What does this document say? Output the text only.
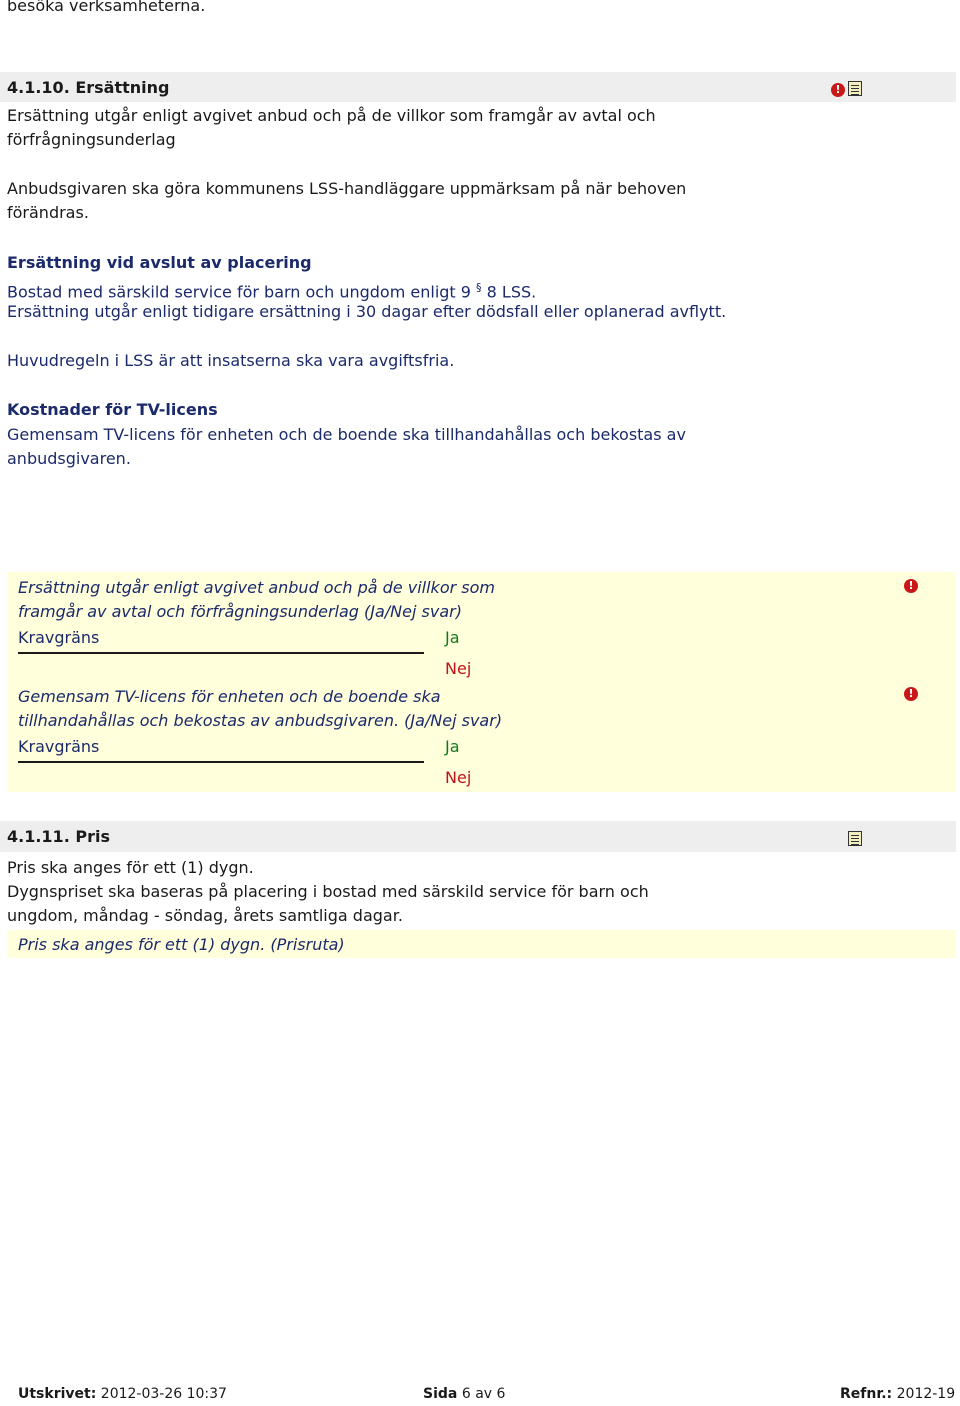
besöka verksamheterna.
4.1.10. Ersättning	!
Ersättning utgår enligt avgivet anbud och på de villkor som framgår av avtal och
förfrågningsunderlag
Anbudsgivaren ska göra kommunens LSS-handläggare uppmärksam på när behoven
förändras.
Ersättning vid avslut av placering
Bostad med särskild service för barn och ungdom enligt 9 § 8 LSS.
Ersättning utgår enligt tidigare ersättning i 30 dagar efter dödsfall eller oplanerad avflytt.
Huvudregeln i LSS är att insatserna ska vara avgiftsfria.
Kostnader för TV-licens
Gemensam TV-licens för enheten och de boende ska tillhandahållas och bekostas av
anbudsgivaren.
Ersättning utgår enligt avgivet anbud och på de villkor som
framgår av avtal och förfrågningsunderlag (Ja/Nej svar)
!
Kravgräns	Ja
Nej
Gemensam TV-licens för enheten och de boende ska
tillhandahållas och bekostas av anbudsgivaren. (Ja/Nej svar)
!
Kravgräns	Ja
Nej
4.1.11. Pris
Pris ska anges för ett (1) dygn.
Dygnspriset ska baseras på placering i bostad med särskild service för barn och
ungdom, måndag - söndag, årets samtliga dagar.
Pris ska anges för ett (1) dygn. (Prisruta)
Utskrivet: 2012-03-26 10:37	Sida 6 av 6	Refnr.: 2012-19
